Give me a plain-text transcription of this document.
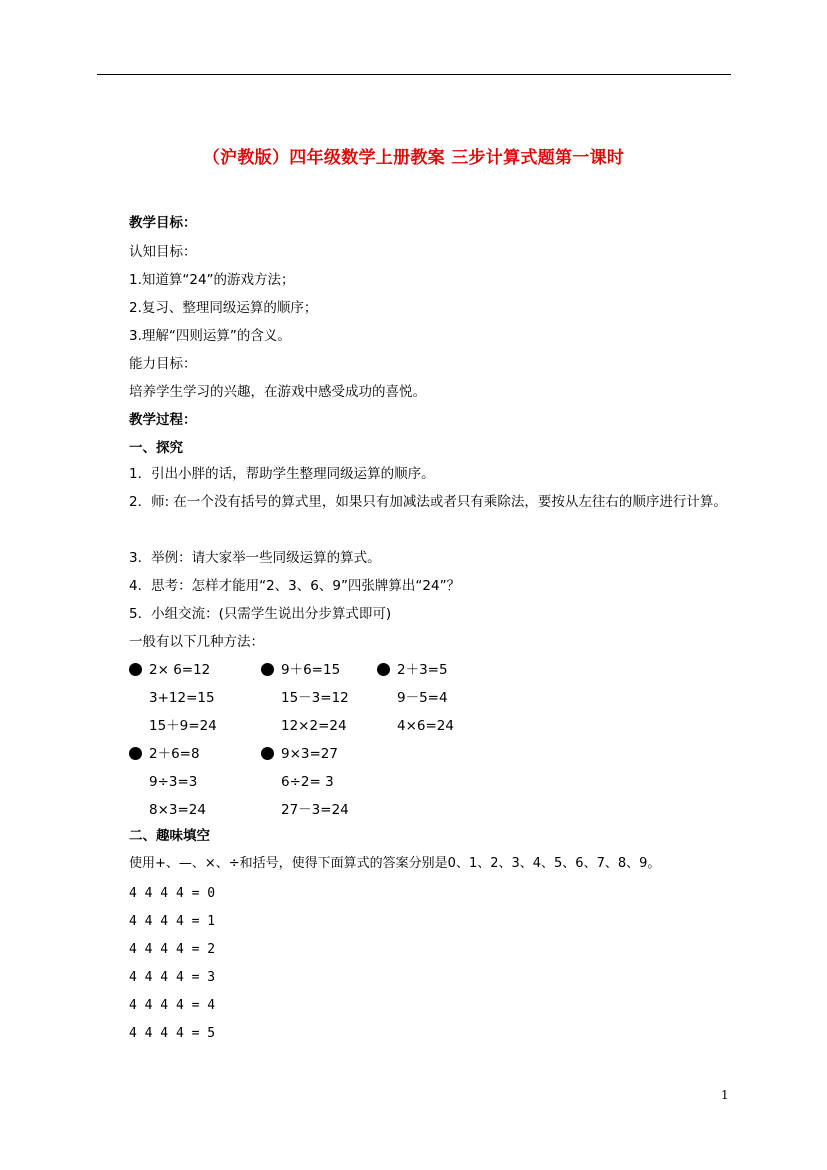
（沪教版）四年级数学上册教案 三步计算式题第一课时
教学目标：
认知目标：
1.知道算“24”的游戏方法；
2.复习、整理同级运算的顺序；
3.理解“四则运算”的含义。
能力目标：
培养学生学习的兴趣，在游戏中感受成功的喜悦。
教学过程：
一、探究
1．引出小胖的话，帮助学生整理同级运算的顺序。
2．师: 在一个没有括号的算式里，如果只有加减法或者只有乘除法，要按从左往右的顺序进行计算。
3．举例：请大家举一些同级运算的算式。
4．思考：怎样才能用“2、3、6、9”四张牌算出“24”？
5．小组交流：(只需学生说出分步算式即可)
一般有以下几种方法：
2× 6=12
3+12=15
15＋9=24
9＋6=15
15－3=12
12×2=24
2＋3=5
9－5=4
4×6=24
2＋6=8
9÷3=3
8×3=24
9×3=27
6÷2= 3
27－3=24
二、趣味填空
使用+、—、×、÷和括号，使得下面算式的答案分别是0、1、2、3、4、5、6、7、8、9。
4 4 4 4 = 0
4 4 4 4 = 1
4 4 4 4 = 2
4 4 4 4 = 3
4 4 4 4 = 4
4 4 4 4 = 5
1
